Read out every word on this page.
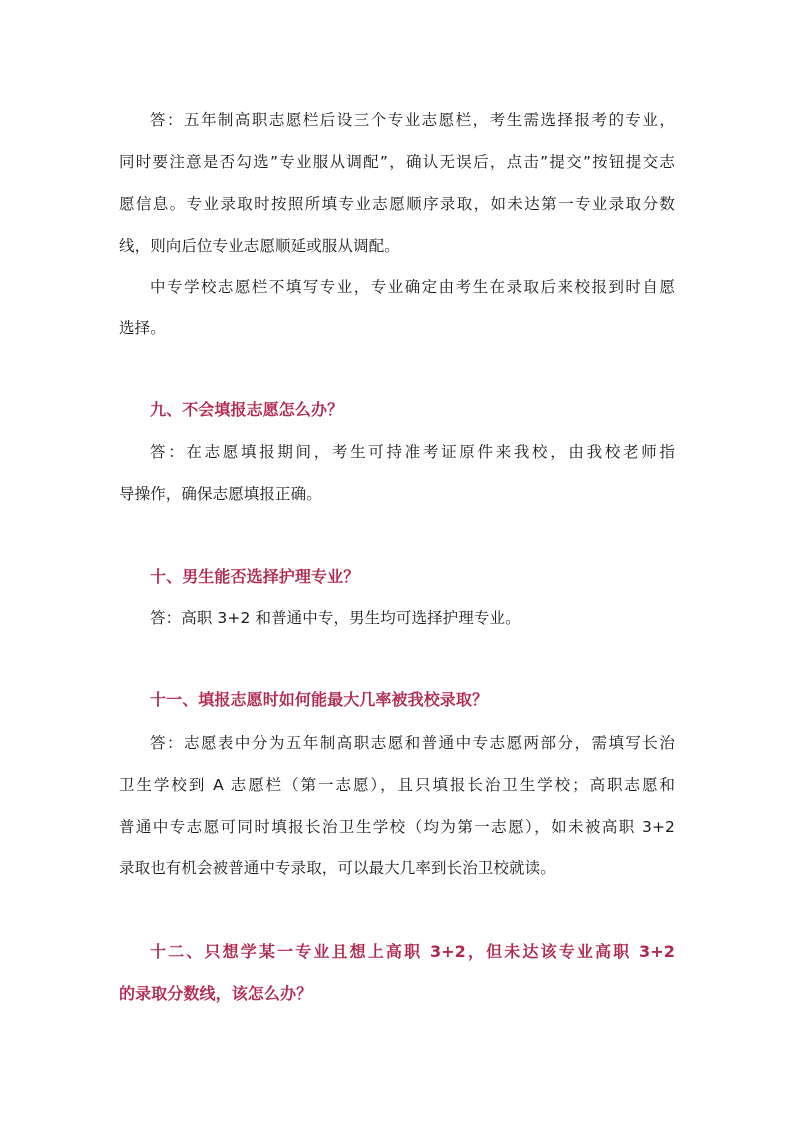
答：五年制高职志愿栏后设三个专业志愿栏，考生需选择报考的专业，
同时要注意是否勾选”专业服从调配”，确认无误后，点击”提交”按钮提交志
愿信息。专业录取时按照所填专业志愿顺序录取，如未达第一专业录取分数
线，则向后位专业志愿顺延或服从调配。
中专学校志愿栏不填写专业，专业确定由考生在录取后来校报到时自愿
选择。
九、不会填报志愿怎么办？
答：在志愿填报期间，考生可持准考证原件来我校，由我校老师指
导操作，确保志愿填报正确。
十、男生能否选择护理专业？
答：高职 3+2 和普通中专，男生均可选择护理专业。
十一、填报志愿时如何能最大几率被我校录取？
答：志愿表中分为五年制高职志愿和普通中专志愿两部分，需填写长治
卫生学校到 A 志愿栏（第一志愿），且只填报长治卫生学校；高职志愿和
普通中专志愿可同时填报长治卫生学校（均为第一志愿），如未被高职 3+2
录取也有机会被普通中专录取，可以最大几率到长治卫校就读。
十二、只想学某一专业且想上高职 3+2，但未达该专业高职 3+2
的录取分数线，该怎么办？
